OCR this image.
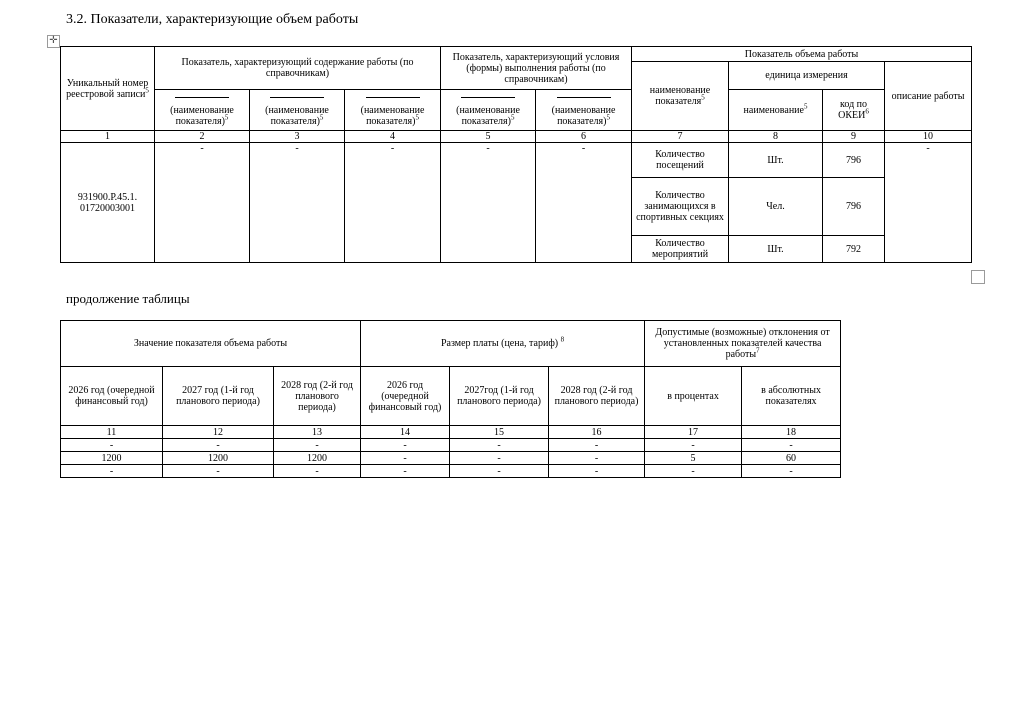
3.2. Показатели, характеризующие объем работы
✛
Уникальный номер реестровой записи$^5$	Показатель, характеризующий содержание работы (по справочникам)			Показатель, характеризующий условия (формы) выполнения работы (по справочникам)		Показатель объема работы			
						наименование показателя$^5$	единица измерения		описание работы

(наименование показателя)$^5$	(наименование показателя)$^5$	(наименование показателя)$^5$	(наименование показателя)$^5$	(наименование показателя)$^5$		наименование$^5$	код по ОКЕИ$^6$
1	2	3	4	5	6	7	8	9	10
931900.Р.45.1. 01720003001	-	-	-	-	-	Количество посещений	Шт.	796	-
						Количество занимающихся в спортивных секциях	Чел.	796	
						Количество мероприятий	Шт.	792	
продолжение таблицы
Значение показателя объема работы			Размер платы (цена, тариф) $^8$			Допустимые (возможные) отклонения от установленных показателей качества работы$^7$
2026 год (очередной финансовый год)	2027 год (1-й год планового периода)	2028 год (2-й год планового периода)	2026 год (очередной финансовый год)	2027год (1-й год планового периода)	2028 год (2-й год планового периода)	в процентах	в абсолютных показателях
11	12	13	14	15	16	17	18
-	-	-	-	-	-	-	-
1200	1200	1200	-	-	-	5	60
-	-	-	-	-	-	-	-
